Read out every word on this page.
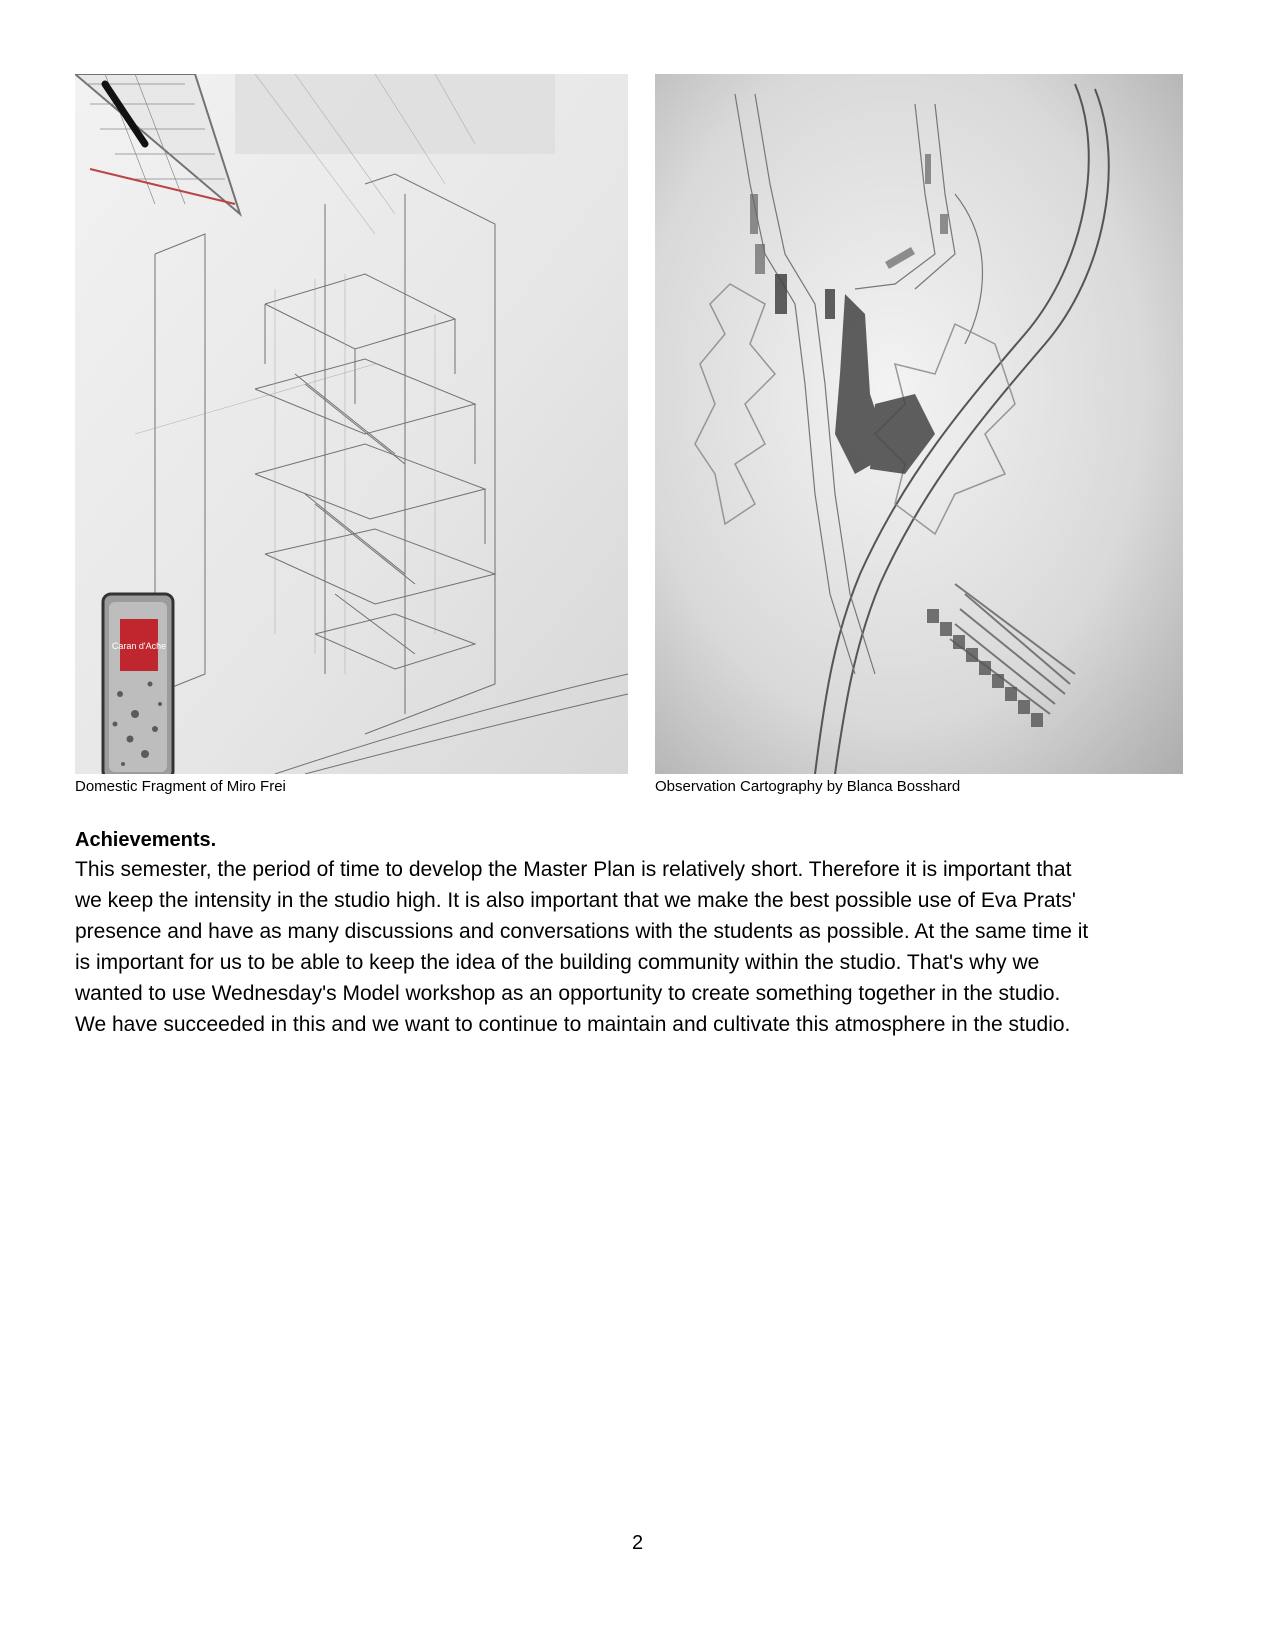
Caran d'Ache
Domestic Fragment of Miro Frei	Observation Cartography by Blanca Bosshard
Achievements.
This semester, the period of time to develop the Master Plan is relatively short. Therefore it is important that
we keep the intensity in the studio high. It is also important that we make the best possible use of Eva Prats'
presence and have as many discussions and conversations with the students as possible. At the same time it
is important for us to be able to keep the idea of the building community within the studio. That's why we
wanted to use Wednesday's Model workshop as an opportunity to create something together in the studio.
We have succeeded in this and we want to continue to maintain and cultivate this atmosphere in the studio.
2
